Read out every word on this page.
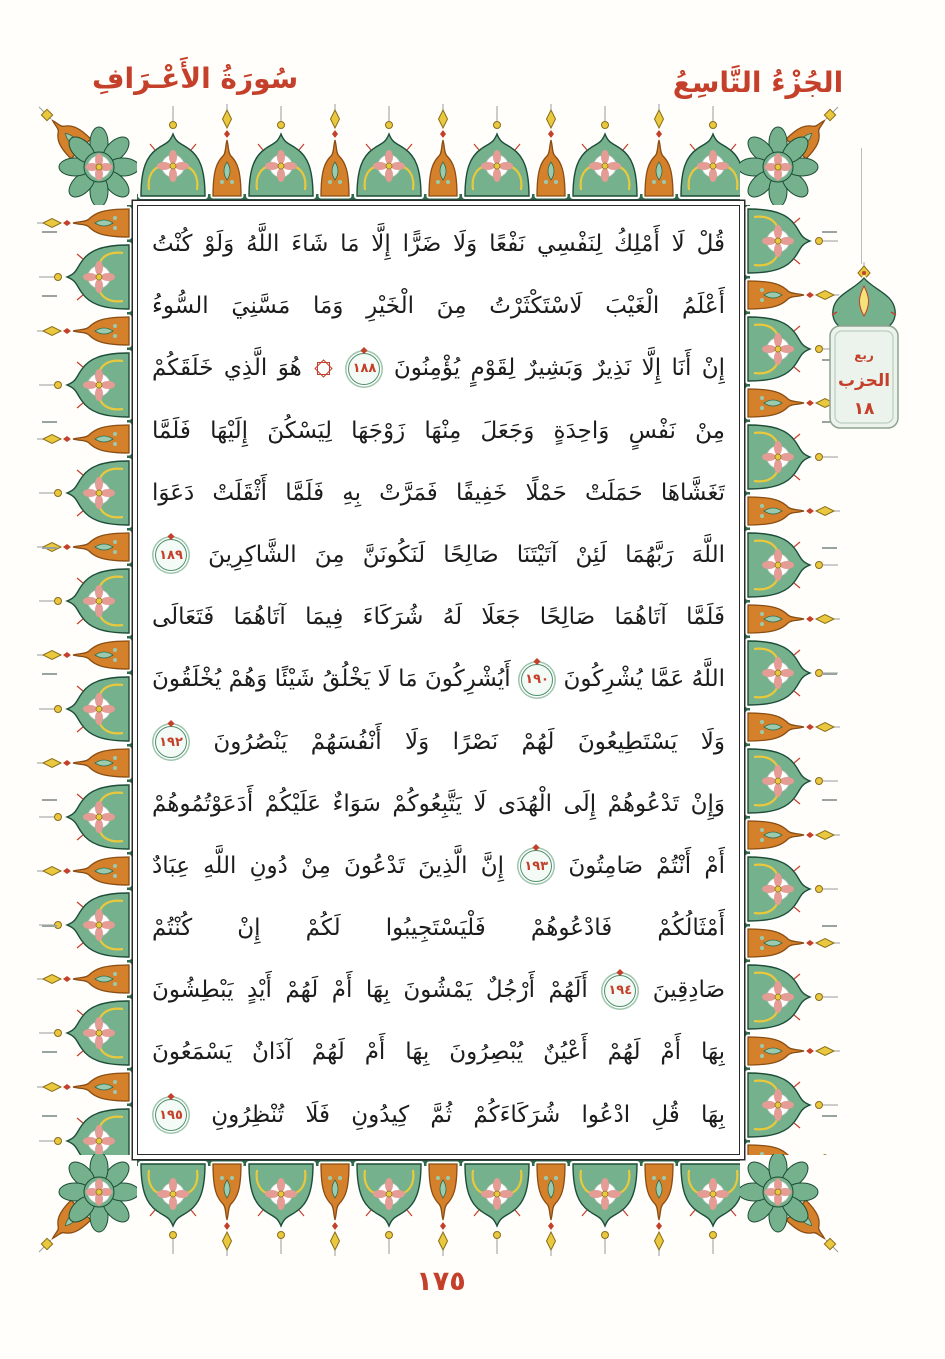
سُورَةُ الأَعْـرَافِ	الجُزْءُ التَّاسِعُ
ربع
الحزب
١٨
قُلْ لَا أَمْلِكُ لِنَفْسِي نَفْعًا وَلَا ضَرًّا إِلَّا مَا شَاءَ اللَّهُ وَلَوْ كُنْتُ
أَعْلَمُ الْغَيْبَ لَاسْتَكْثَرْتُ مِنَ الْخَيْرِ وَمَا مَسَّنِيَ السُّوءُ
إِنْ أَنَا إِلَّا نَذِيرٌ وَبَشِيرٌ لِقَوْمٍ يُؤْمِنُونَ
١٨٨
هُوَ الَّذِي خَلَقَكُمْ
مِنْ نَفْسٍ وَاحِدَةٍ وَجَعَلَ مِنْهَا زَوْجَهَا لِيَسْكُنَ إِلَيْهَا فَلَمَّا
تَغَشَّاهَا حَمَلَتْ حَمْلًا خَفِيفًا فَمَرَّتْ بِهِ فَلَمَّا أَثْقَلَتْ دَعَوَا
اللَّهَ رَبَّهُمَا لَئِنْ آتَيْتَنَا صَالِحًا لَنَكُونَنَّ مِنَ الشَّاكِرِينَ
١٨٩
فَلَمَّا آتَاهُمَا صَالِحًا جَعَلَا لَهُ شُرَكَاءَ فِيمَا آتَاهُمَا فَتَعَالَى
اللَّهُ عَمَّا يُشْرِكُونَ
١٩٠
أَيُشْرِكُونَ مَا لَا يَخْلُقُ شَيْئًا وَهُمْ يُخْلَقُونَ
وَلَا يَسْتَطِيعُونَ لَهُمْ نَصْرًا وَلَا أَنْفُسَهُمْ يَنْصُرُونَ
١٩٢
وَإِنْ تَدْعُوهُمْ إِلَى الْهُدَى لَا يَتَّبِعُوكُمْ سَوَاءٌ عَلَيْكُمْ أَدَعَوْتُمُوهُمْ
أَمْ أَنْتُمْ صَامِتُونَ
١٩٣
إِنَّ الَّذِينَ تَدْعُونَ مِنْ دُونِ اللَّهِ عِبَادٌ
أَمْثَالُكُمْ فَادْعُوهُمْ فَلْيَسْتَجِيبُوا لَكُمْ إِنْ كُنْتُمْ
صَادِقِينَ
١٩٤
أَلَهُمْ أَرْجُلٌ يَمْشُونَ بِهَا أَمْ لَهُمْ أَيْدٍ يَبْطِشُونَ
بِهَا أَمْ لَهُمْ أَعْيُنٌ يُبْصِرُونَ بِهَا أَمْ لَهُمْ آذَانٌ يَسْمَعُونَ
بِهَا قُلِ ادْعُوا شُرَكَاءَكُمْ ثُمَّ كِيدُونِ فَلَا تُنْظِرُونِ
١٩٥
١٧٥
